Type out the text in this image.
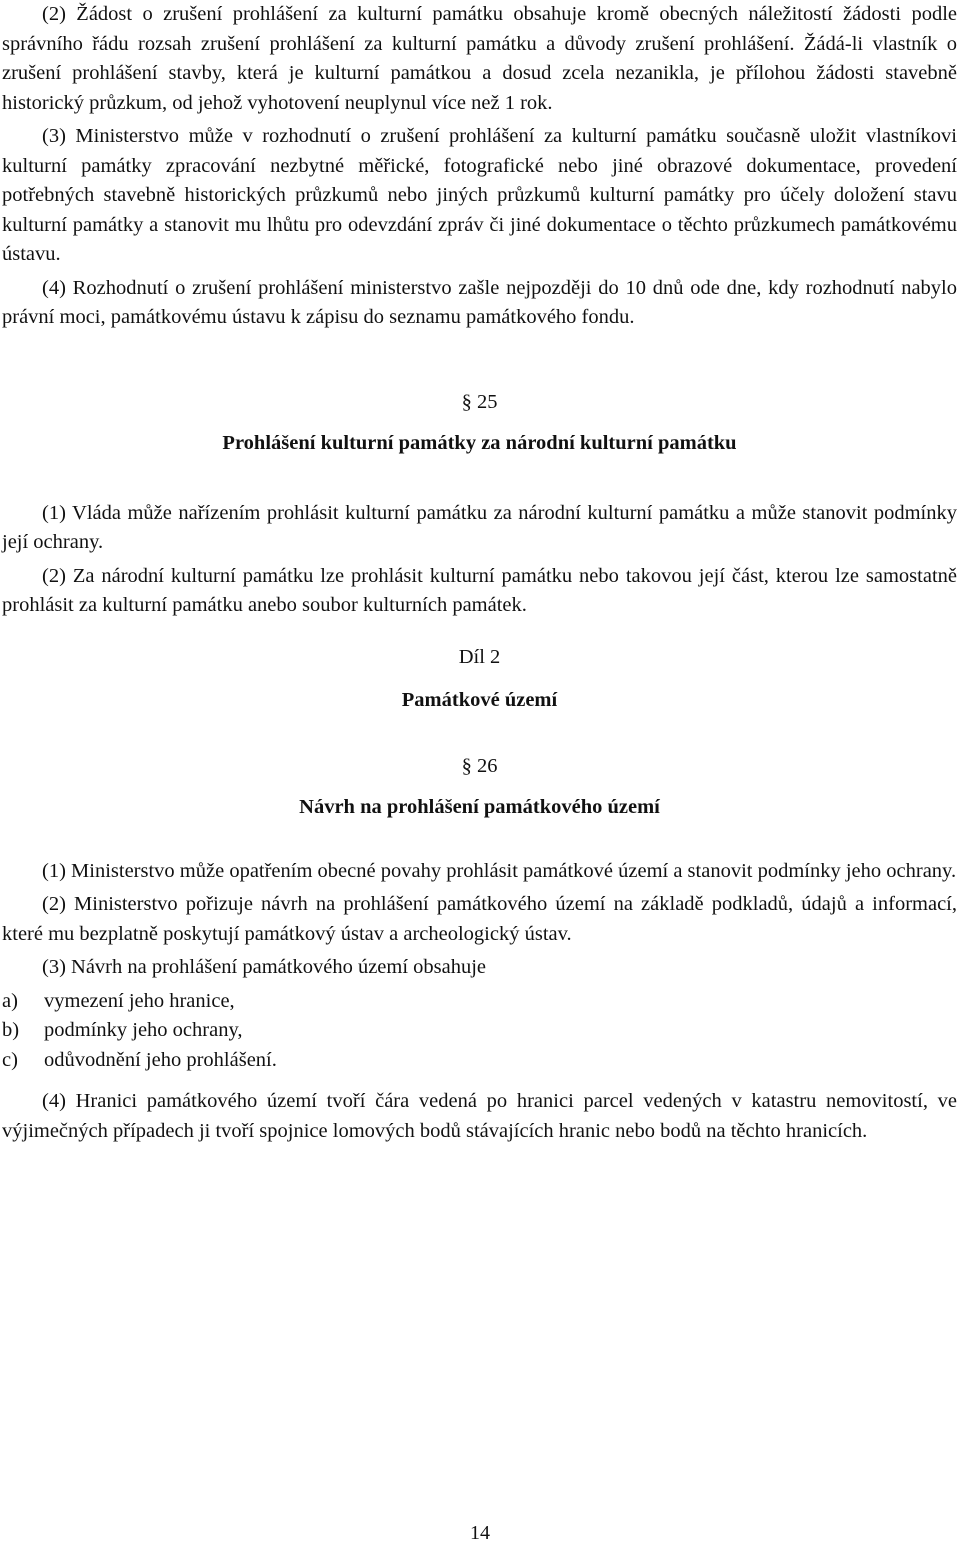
(2) Žádost o zrušení prohlášení za kulturní památku obsahuje kromě obecných náležitostí žádosti podle správního řádu rozsah zrušení prohlášení za kulturní památku a důvody zrušení prohlášení. Žádá-li vlastník o zrušení prohlášení stavby, která je kulturní památkou a dosud zcela nezanikla, je přílohou žádosti stavebně historický průzkum, od jehož vyhotovení neuplynul více než 1 rok.

(3) Ministerstvo může v rozhodnutí o zrušení prohlášení za kulturní památku současně uložit vlastníkovi kulturní památky zpracování nezbytné měřické, fotografické nebo jiné obrazové dokumentace, provedení potřebných stavebně historických průzkumů nebo jiných průzkumů kulturní památky pro účely doložení stavu kulturní památky a stanovit mu lhůtu pro odevzdání zpráv či jiné dokumentace o těchto průzkumech památkovému ústavu.

(4) Rozhodnutí o zrušení prohlášení ministerstvo zašle nejpozději do 10 dnů ode dne, kdy rozhodnutí nabylo právní moci, památkovému ústavu k zápisu do seznamu památkového fondu.

§ 25

Prohlášení kulturní památky za národní kulturní památku

(1) Vláda může nařízením prohlásit kulturní památku za národní kulturní památku a může stanovit podmínky její ochrany.

(2) Za národní kulturní památku lze prohlásit kulturní památku nebo takovou její část, kterou lze samostatně prohlásit za kulturní památku anebo soubor kulturních památek.

Díl 2

Památkové území

§ 26

Návrh na prohlášení památkového území

(1) Ministerstvo může opatřením obecné povahy prohlásit památkové území a stanovit podmínky jeho ochrany.

(2) Ministerstvo pořizuje návrh na prohlášení památkového území na základě podkladů, údajů a informací, které mu bezplatně poskytují památkový ústav a archeologický ústav.

(3) Návrh na prohlášení památkového území obsahuje

a)	vymezení jeho hranice,
b)	podmínky jeho ochrany,
c)	odůvodnění jeho prohlášení.

(4) Hranici památkového území tvoří čára vedená po hranici parcel vedených v katastru nemovitostí, ve výjimečných případech ji tvoří spojnice lomových bodů stávajících hranic nebo bodů na těchto hranicích.

14
